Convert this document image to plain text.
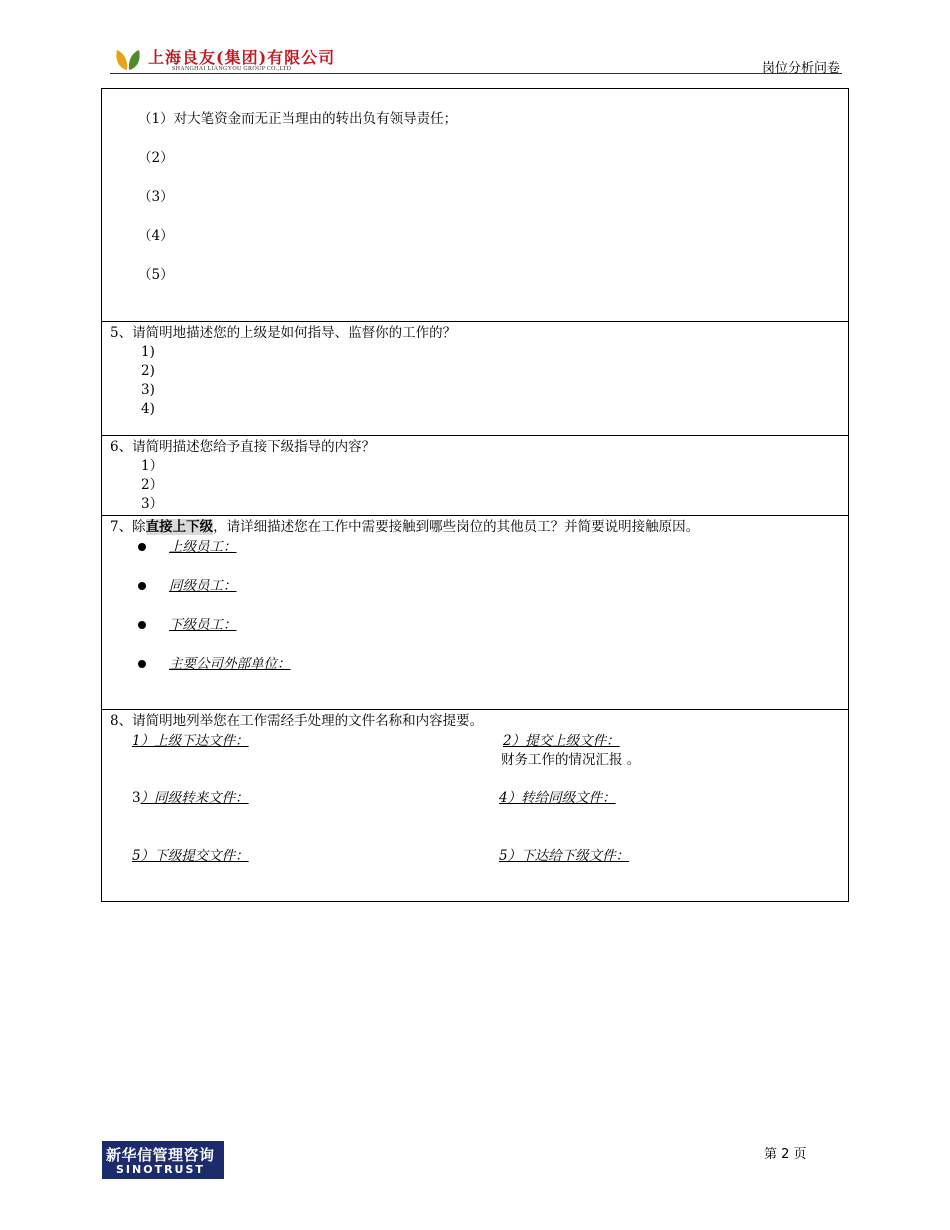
上海良友(集团)有限公司
SHANGHAI LIANGYOU GROUP CO.,LTD	岗位分析问卷
（1）对大笔资金而无正当理由的转出负有领导责任；
（2）
（3）
（4）
（5）
5、请简明地描述您的上级是如何指导、监督你的工作的？
1)
2)
3)
4)
6、请简明描述您给予直接下级指导的内容？
1）
2）
3）
7、除直接上下级，请详细描述您在工作中需要接触到哪些岗位的其他员工？并简要说明接触原因。
上级员工：
同级员工：
下级员工：
主要公司外部单位：
8、请简明地列举您在工作需经手处理的文件名称和内容提要。
1）上级下达文件：	2）提交上级文件：
财务工作的情况汇报 。
3）同级转来文件：	4）转给同级文件：
5）下级提交文件：	5）下达给下级文件：
新华信管理咨询
SINOTRUST
第 2 页
